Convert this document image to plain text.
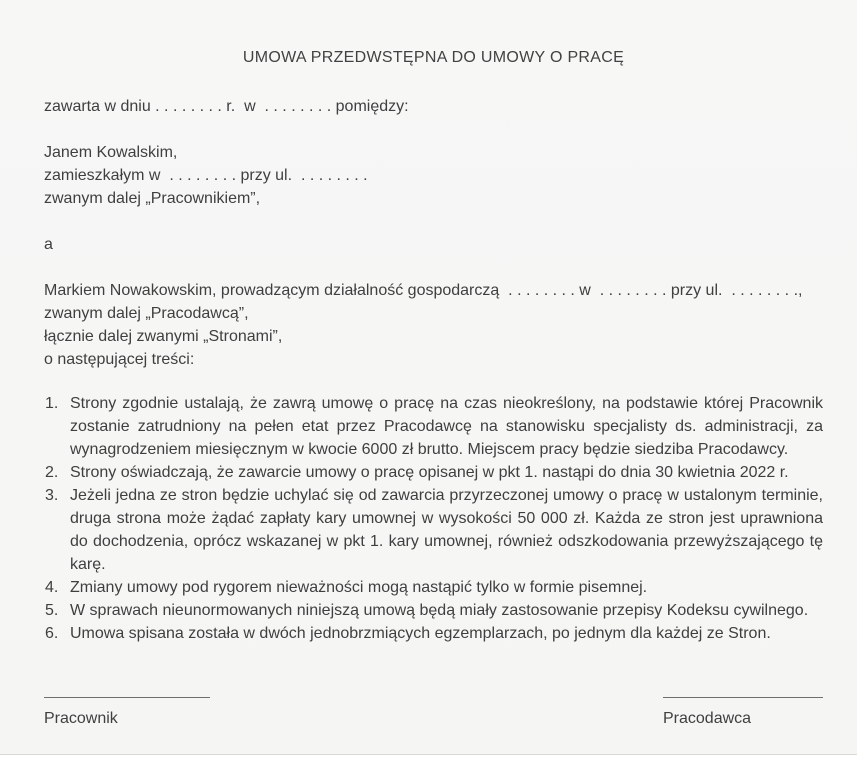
UMOWA PRZEDWSTĘPNA DO UMOWY O PRACĘ

zawarta w dniu . . . . . . . . r.  w  . . . . . . . . pomiędzy:

Janem Kowalskim,

zamieszkałym w  . . . . . . . . przy ul.  . . . . . . . .

zwanym dalej „Pracownikiem”,

a

Markiem Nowakowskim, prowadzącym działalność gospodarczą  . . . . . . . . w  . . . . . . . . przy ul.  . . . . . . . .,

zwanym dalej „Pracodawcą”,

łącznie dalej zwanymi „Stronami”,

o następującej treści:

Strony zgodnie ustalają, że zawrą umowę o pracę na czas nieokreślony, na podstawie której Pracownik zostanie zatrudniony na pełen etat przez Pracodawcę na stanowisku specjalisty ds. administracji, za wynagrodzeniem miesięcznym w kwocie 6000 zł brutto. Miejscem pracy będzie siedziba Pracodawcy.
Strony oświadczają, że zawarcie umowy o pracę opisanej w pkt 1. nastąpi do dnia 30 kwietnia 2022 r.
Jeżeli jedna ze stron będzie uchylać się od zawarcia przyrzeczonej umowy o pracę w ustalonym terminie, druga strona może żądać zapłaty kary umownej w wysokości 50 000 zł. Każda ze stron jest uprawniona do dochodzenia, oprócz wskazanej w pkt 1. kary umownej, również odszkodowania przewyższającego tę karę.
Zmiany umowy pod rygorem nieważności mogą nastąpić tylko w formie pisemnej.
W sprawach nieunormowanych niniejszą umową będą miały zastosowanie przepisy Kodeksu cywilnego.
Umowa spisana została w dwóch jednobrzmiących egzemplarzach, po jednym dla każdej ze Stron.
Pracownik	Pracodawca
